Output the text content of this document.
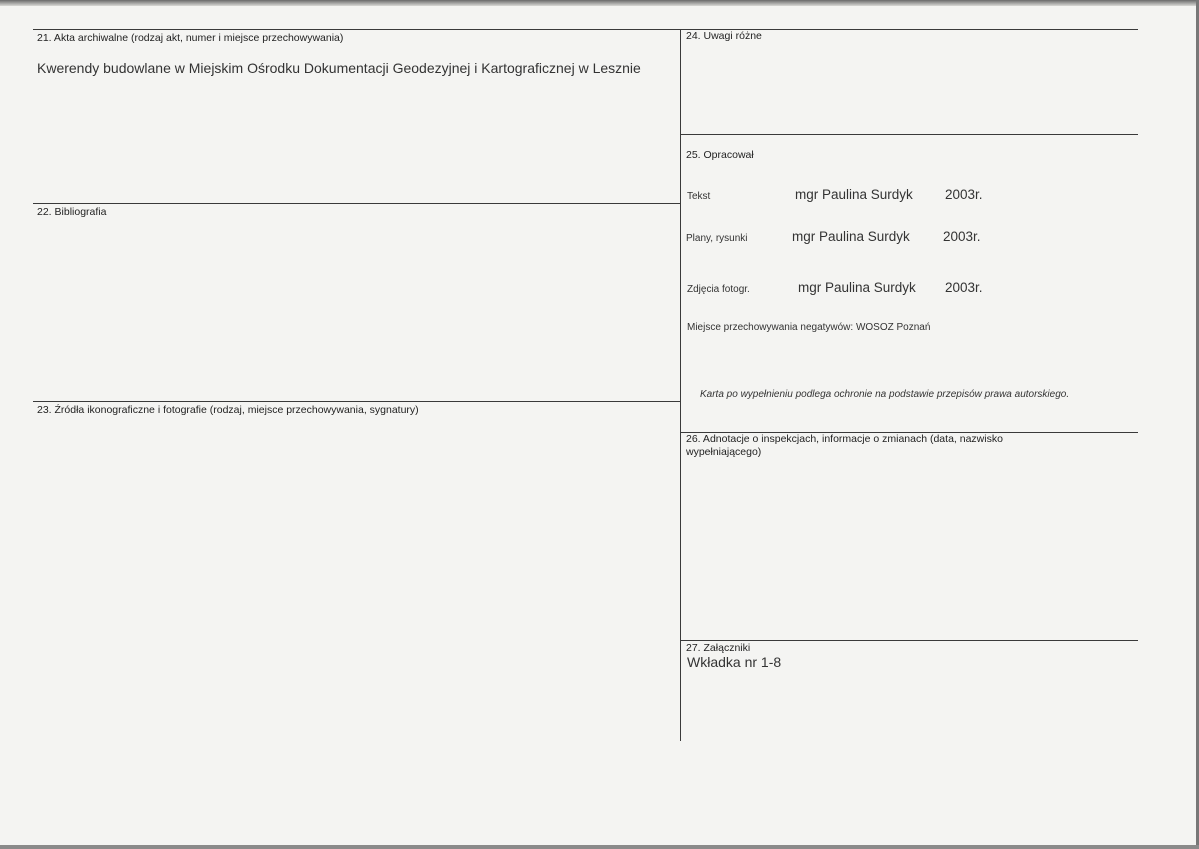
21. Akta archiwalne (rodzaj akt, numer i miejsce przechowywania)
Kwerendy budowlane w Miejskim Ośrodku Dokumentacji Geodezyjnej i Kartograficznej w Lesznie
22. Bibliografia
23. Źródła ikonograficzne i fotografie (rodzaj, miejsce przechowywania, sygnatury)
24. Uwagi różne
25. Opracował
Tekst	mgr Paulina Surdyk 2003r.
Plany, rysunki	mgr Paulina Surdyk 2003r.
Zdjęcia fotogr.	mgr Paulina Surdyk 2003r.
Miejsce przechowywania negatywów: WOSOZ Poznań
Karta po wypełnieniu podlega ochronie na podstawie przepisów prawa autorskiego.
26. Adnotacje o inspekcjach, informacje o zmianach (data, nazwisko wypełniającego)
27. Załączniki
Wkładka nr 1-8
